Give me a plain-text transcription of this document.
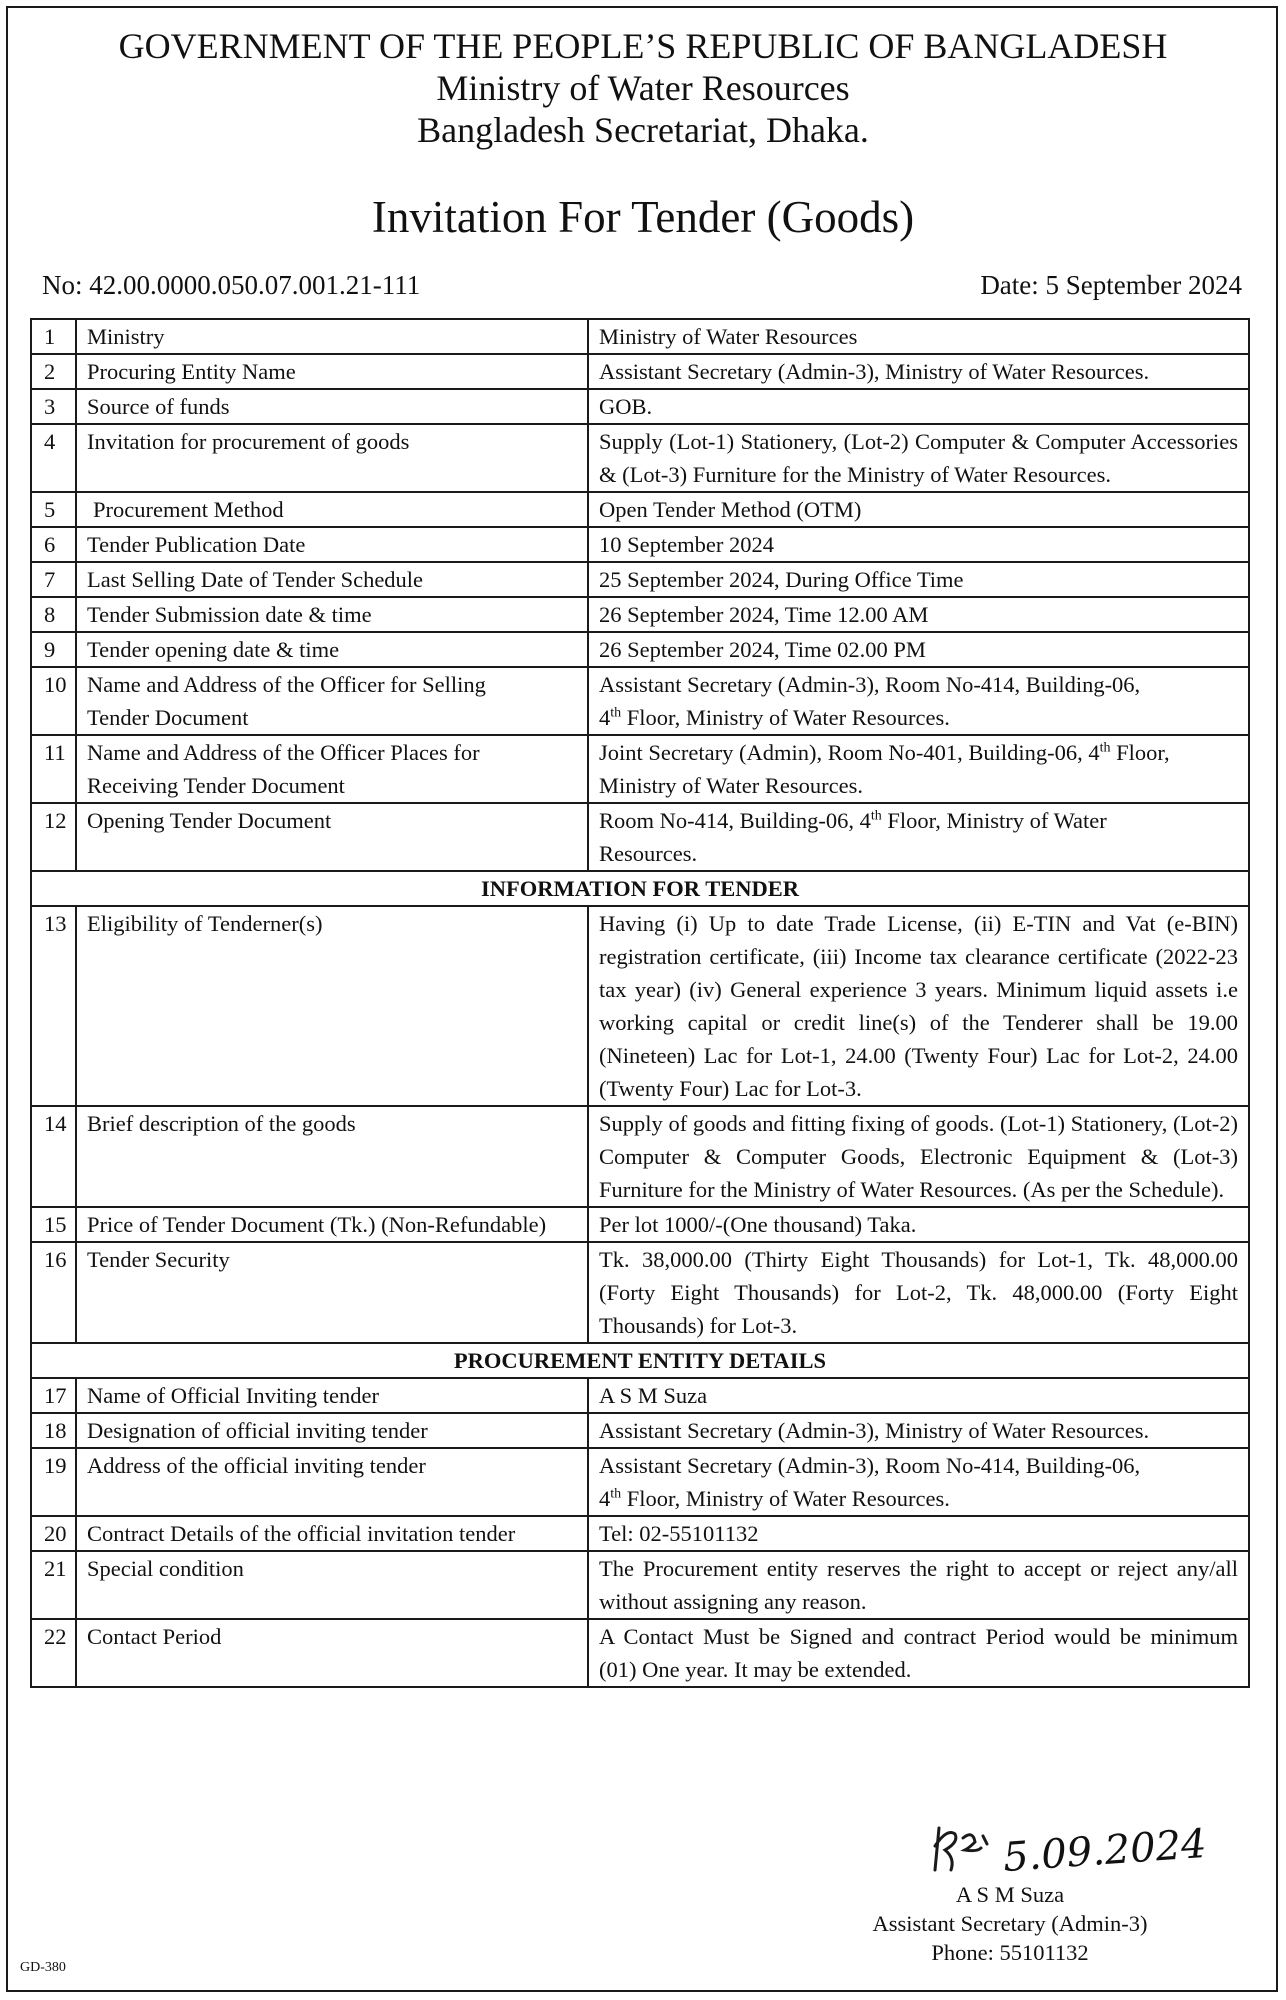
GOVERNMENT OF THE PEOPLE’S REPUBLIC OF BANGLADESH
Ministry of Water Resources
Bangladesh Secretariat, Dhaka.
Invitation For Tender (Goods)
No: 42.00.0000.050.07.001.21-111	Date: 5 September 2024
1	Ministry	Ministry of Water Resources
2	Procuring Entity Name	Assistant Secretary (Admin-3), Ministry of Water Resources.
3	Source of funds	GOB.
4	Invitation for procurement of goods	Supply (Lot-1) Stationery, (Lot-2) Computer & Computer Accessories & (Lot-3) Furniture for the Ministry of Water Resources.
5	Procurement Method	Open Tender Method (OTM)
6	Tender Publication Date	10 September 2024
7	Last Selling Date of Tender Schedule	25 September 2024, During Office Time
8	Tender Submission date & time	26 September 2024, Time 12.00 AM
9	Tender opening date & time	26 September 2024, Time 02.00 PM
10	Name and Address of the Officer for Selling
Tender Document	Assistant Secretary (Admin-3), Room No-414, Building-06,
4th Floor, Ministry of Water Resources.
11	Name and Address of the Officer Places for
Receiving Tender Document	Joint Secretary (Admin), Room No-401, Building-06, 4th Floor,
Ministry of Water Resources.
12	Opening Tender Document	Room No-414, Building-06, 4th Floor, Ministry of Water
Resources.
INFORMATION FOR TENDER		
13	Eligibility of Tenderner(s)	Having (i) Up to date Trade License, (ii) E-TIN and Vat (e-BIN) registration certificate, (iii) Income tax clearance certificate (2022-23 tax year) (iv) General experience 3 years. Minimum liquid assets i.e working capital or credit line(s) of the Tenderer shall be 19.00 (Nineteen) Lac for Lot-1, 24.00 (Twenty Four) Lac for Lot-2, 24.00 (Twenty Four) Lac for Lot-3.
14	Brief description of the goods	Supply of goods and fitting fixing of goods. (Lot-1) Stationery, (Lot-2) Computer & Computer Goods, Electronic Equipment & (Lot-3) Furniture for the Ministry of Water Resources. (As per the Schedule).
15	Price of Tender Document (Tk.) (Non-Refundable)	Per lot 1000/-(One thousand) Taka.
16	Tender Security	Tk. 38,000.00 (Thirty Eight Thousands) for Lot-1, Tk. 48,000.00 (Forty Eight Thousands) for Lot-2, Tk. 48,000.00 (Forty Eight Thousands) for Lot-3.
PROCUREMENT ENTITY DETAILS		
17	Name of Official Inviting tender	A S M Suza
18	Designation of official inviting tender	Assistant Secretary (Admin-3), Ministry of Water Resources.
19	Address of the official inviting tender	Assistant Secretary (Admin-3), Room No-414, Building-06,
4th Floor, Ministry of Water Resources.
20	Contract Details of the official invitation tender	Tel: 02-55101132
21	Special condition	The Procurement entity reserves the right to accept or reject any/all without assigning any reason.
22	Contact Period	A Contact Must be Signed and contract Period would be minimum (01) One year. It may be extended.
5.09.2024
A S M Suza
Assistant Secretary (Admin-3)
Phone: 55101132
GD-380
